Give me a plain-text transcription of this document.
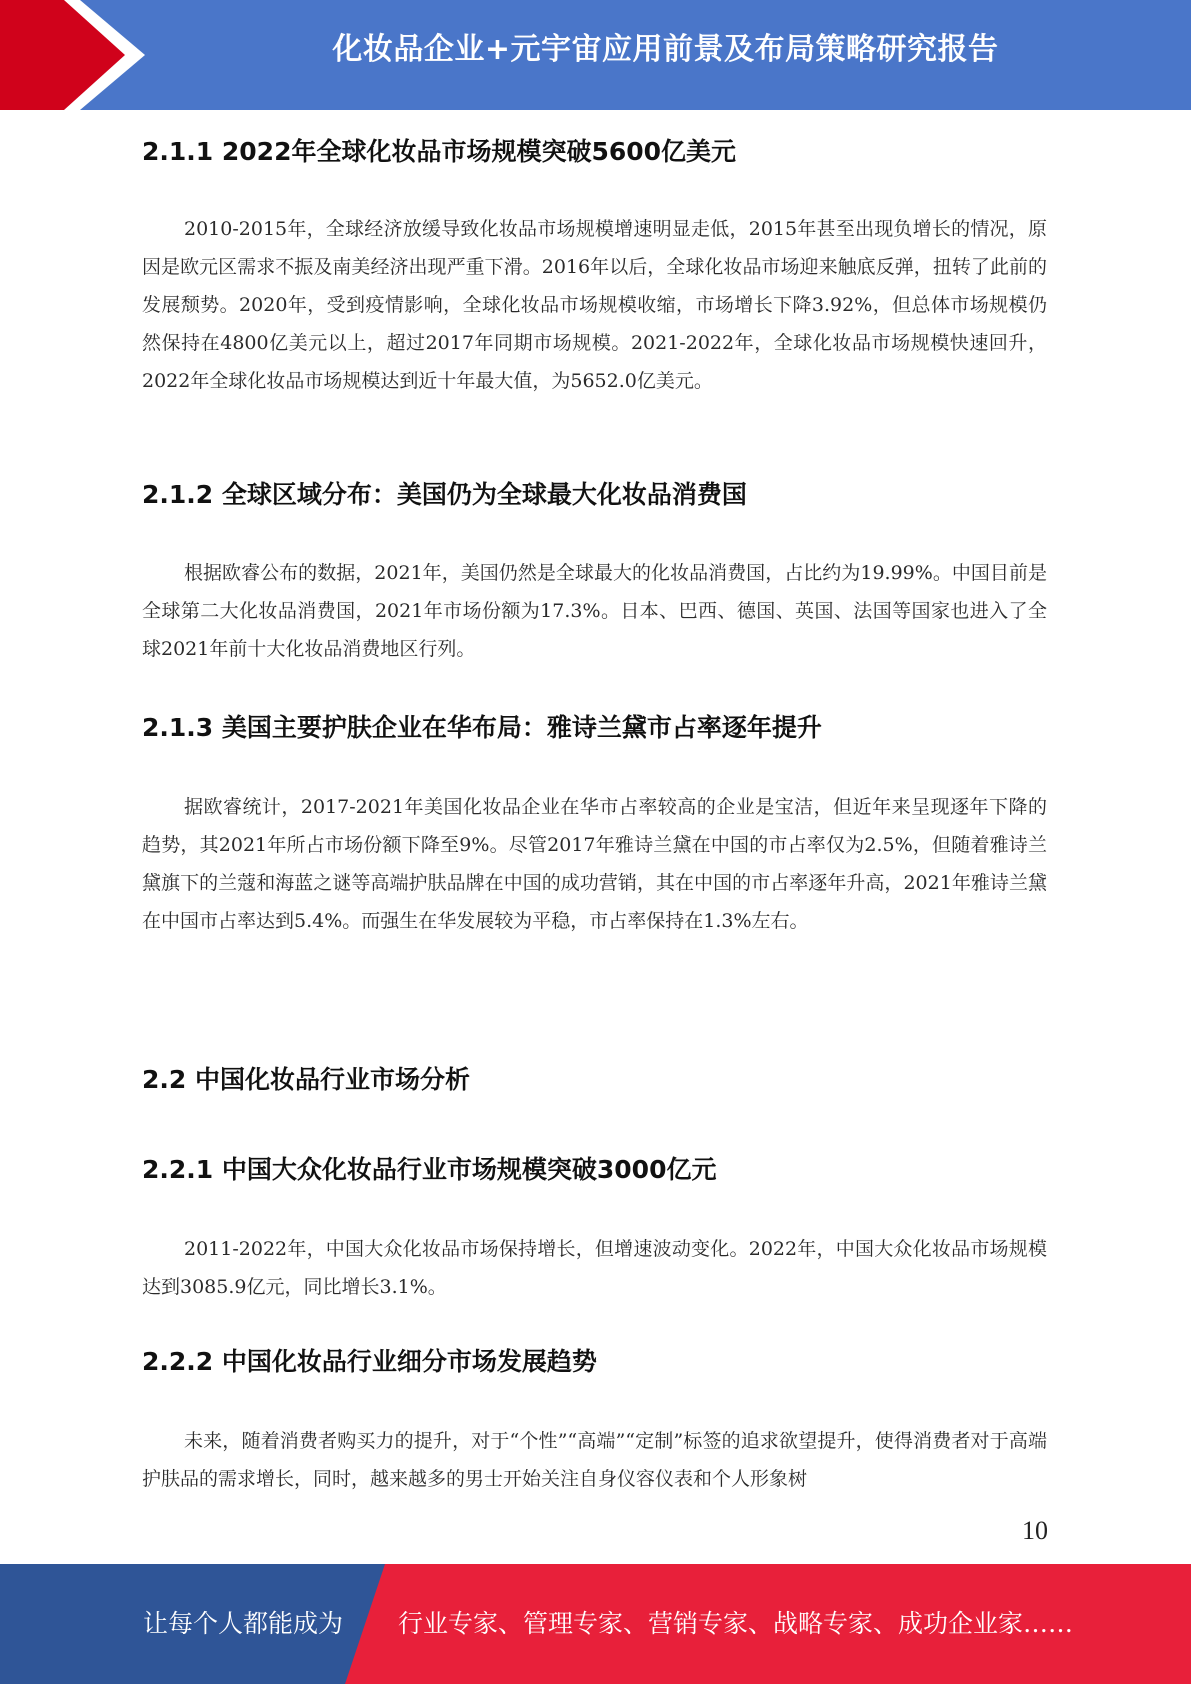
化妆品企业+元宇宙应用前景及布局策略研究报告
2.1.1 2022年全球化妆品市场规模突破5600亿美元

2010-2015年，全球经济放缓导致化妆品市场规模增速明显走低，2015年甚至出现负增长的情况，原因是欧元区需求不振及南美经济出现严重下滑。2016年以后，全球化妆品市场迎来触底反弹，扭转了此前的发展颓势。2020年，受到疫情影响，全球化妆品市场规模收缩，市场增长下降3.92%，但总体市场规模仍然保持在4800亿美元以上，超过2017年同期市场规模。2021-2022年，全球化妆品市场规模快速回升，2022年全球化妆品市场规模达到近十年最大值，为5652.0亿美元。

2.1.2 全球区域分布：美国仍为全球最大化妆品消费国

根据欧睿公布的数据，2021年，美国仍然是全球最大的化妆品消费国，占比约为19.99%。中国目前是全球第二大化妆品消费国，2021年市场份额为17.3%。日本、巴西、德国、英国、法国等国家也进入了全球2021年前十大化妆品消费地区行列。

2.1.3 美国主要护肤企业在华布局：雅诗兰黛市占率逐年提升

据欧睿统计，2017-2021年美国化妆品企业在华市占率较高的企业是宝洁，但近年来呈现逐年下降的趋势，其2021年所占市场份额下降至9%。尽管2017年雅诗兰黛在中国的市占率仅为2.5%，但随着雅诗兰黛旗下的兰蔻和海蓝之谜等高端护肤品牌在中国的成功营销，其在中国的市占率逐年升高，2021年雅诗兰黛在中国市占率达到5.4%。而强生在华发展较为平稳，市占率保持在1.3%左右。

2.2 中国化妆品行业市场分析
2.2.1 中国大众化妆品行业市场规模突破3000亿元

2011-2022年，中国大众化妆品市场保持增长，但增速波动变化。2022年，中国大众化妆品市场规模达到3085.9亿元，同比增长3.1%。

2.2.2 中国化妆品行业细分市场发展趋势

未来，随着消费者购买力的提升，对于“个性”“高端”“定制”标签的追求欲望提升，使得消费者对于高端护肤品的需求增长，同时，越来越多的男士开始关注自身仪容仪表和个人形象树

10
让每个人都能成为 行业专家、管理专家、营销专家、战略专家、成功企业家……
